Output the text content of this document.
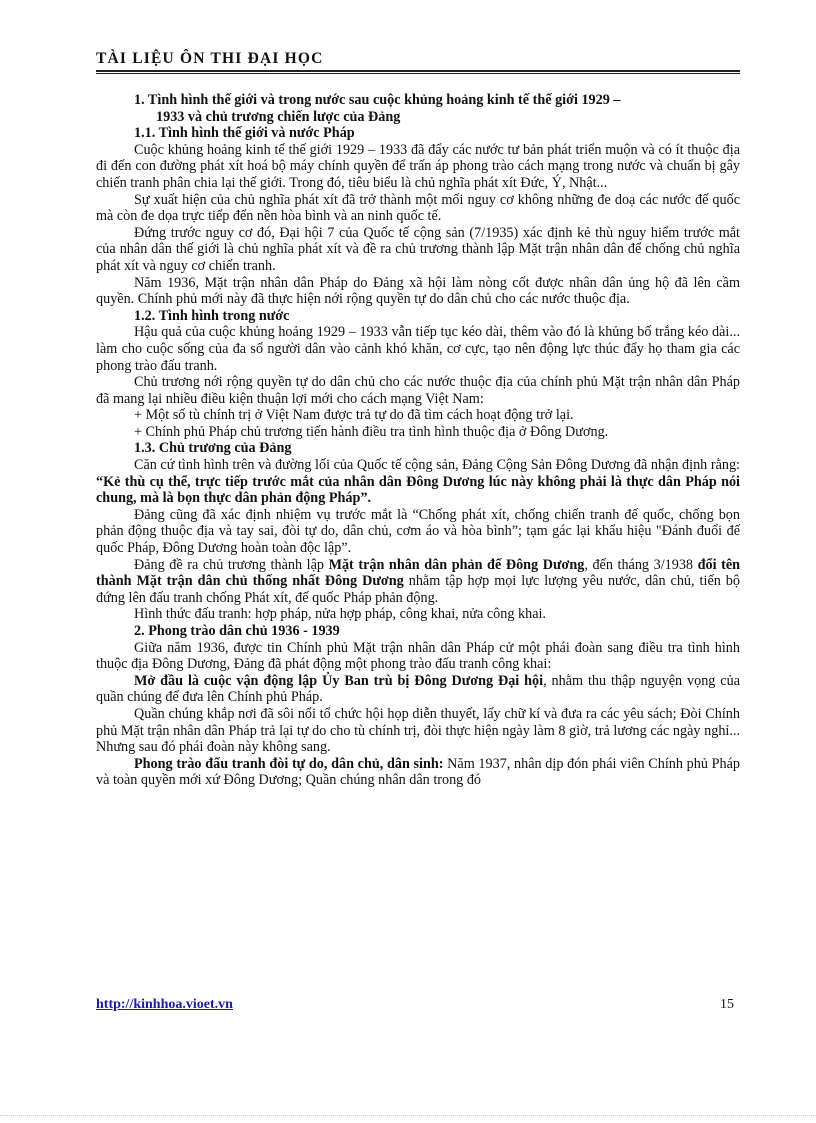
TÀI LIỆU ÔN THI ĐẠI HỌC

1. Tình hình thế giới và trong nước sau cuộc khủng hoảng kinh tế thế giới 1929 –
1933 và chủ trương chiến lược của Đảng

1.1. Tình hình thế giới và nước Pháp

Cuộc khủng hoảng kinh tế thế giới 1929 – 1933 đã đẩy các nước tư bản phát triển muộn và có ít thuộc địa đi đến con đường phát xít hoá bộ máy chính quyền để trấn áp phong trào cách mạng trong nước và chuẩn bị gây chiến tranh phân chia lại thế giới. Trong đó, tiêu biểu là chủ nghĩa phát xít Đức, Ý, Nhật...

Sự xuất hiện của chủ nghĩa phát xít đã trở thành một mối nguy cơ không những đe doạ các nước đế quốc mà còn đe dọa trực tiếp đến nền hòa bình và an ninh quốc tế.

Đứng trước nguy cơ đó, Đại hội 7 của Quốc tế cộng sản (7/1935) xác định kẻ thù nguy hiểm trước mắt của nhân dân thế giới là chủ nghĩa phát xít và đề ra chủ trương thành lập Mặt trận nhân dân để chống chủ nghĩa phát xít và nguy cơ chiến tranh.

Năm 1936, Mặt trận nhân dân Pháp do Đảng xã hội làm nòng cốt được nhân dân ủng hộ đã lên cầm quyền. Chính phủ mới này đã thực hiện nới rộng quyền tự do dân chủ cho các nước thuộc địa.

1.2. Tình hình trong nước

Hậu quả của cuộc khủng hoảng 1929 – 1933 vẫn tiếp tục kéo dài, thêm vào đó là khủng bố trắng kéo dài... làm cho cuộc sống của đa số người dân vào cảnh khó khăn, cơ cực, tạo nên động lực thúc đẩy họ tham gia các phong trào đấu tranh.

Chủ trương nới rộng quyền tự do dân chủ cho các nước thuộc địa của chính phủ Mặt trận nhân dân Pháp đã mang lại nhiều điều kiện thuận lợi mới cho cách mạng Việt Nam:

+ Một số tù chính trị ở Việt Nam được trả tự do đã tìm cách hoạt động trở lại.

+ Chính phủ Pháp chủ trương tiến hành điều tra tình hình thuộc địa ở Đông Dương.

1.3. Chủ trương của Đảng

Căn cứ tình hình trên và đường lối của Quốc tế cộng sản, Đảng Cộng Sản Đông Dương đã nhận định rằng: “Kẻ thù cụ thể, trực tiếp trước mắt của nhân dân Đông Dương lúc này không phải là thực dân Pháp nói chung, mà là bọn thực dân phản động Pháp”.

Đảng cũng đã xác định nhiệm vụ trước mắt là “Chống phát xít, chống chiến tranh đế quốc, chống bọn phản động thuộc địa và tay sai, đòi tự do, dân chủ, cơm áo và hòa bình”; tạm gác lại khẩu hiệu "Đánh đuổi đế quốc Pháp, Đông Dương hoàn toàn độc lập”.

Đảng đề ra chủ trương thành lập Mặt trận nhân dân phản đế Đông Dương, đến tháng 3/1938 đổi tên thành Mặt trận dân chủ thống nhất Đông Dương nhằm tập hợp mọi lực lượng yêu nước, dân chủ, tiến bộ đứng lên đấu tranh chống Phát xít, đế quốc Pháp phản động.

Hình thức đấu tranh: hợp pháp, nửa hợp pháp, công khai, nửa công khai.

2. Phong trào dân chủ 1936 - 1939

Giữa năm 1936, được tin Chính phủ Mặt trận nhân dân Pháp cử một phái đoàn sang điều tra tình hình thuộc địa Đông Dương, Đảng đã phát động một phong trào đấu tranh công khai:

Mở đầu là cuộc vận động lập Ủy Ban trù bị Đông Dương Đại hội, nhằm thu thập nguyện vọng của quần chúng để đưa lên Chính phủ Pháp.

Quần chúng khắp nơi đã sôi nổi tổ chức hội họp diễn thuyết, lấy chữ kí và đưa ra các yêu sách; Đòi Chính phủ Mặt trận nhân dân Pháp trả lại tự do cho tù chính trị, đòi thực hiện ngày làm 8 giờ, trả lương các ngày nghỉ... Nhưng sau đó phái đoàn này không sang.

Phong trào đấu tranh đòi tự do, dân chủ, dân sinh: Năm 1937, nhân dịp đón phái viên Chính phủ Pháp và toàn quyền mới xứ Đông Dương; Quần chúng nhân dân trong đó

http://kinhhoa.vioet.vn	15
